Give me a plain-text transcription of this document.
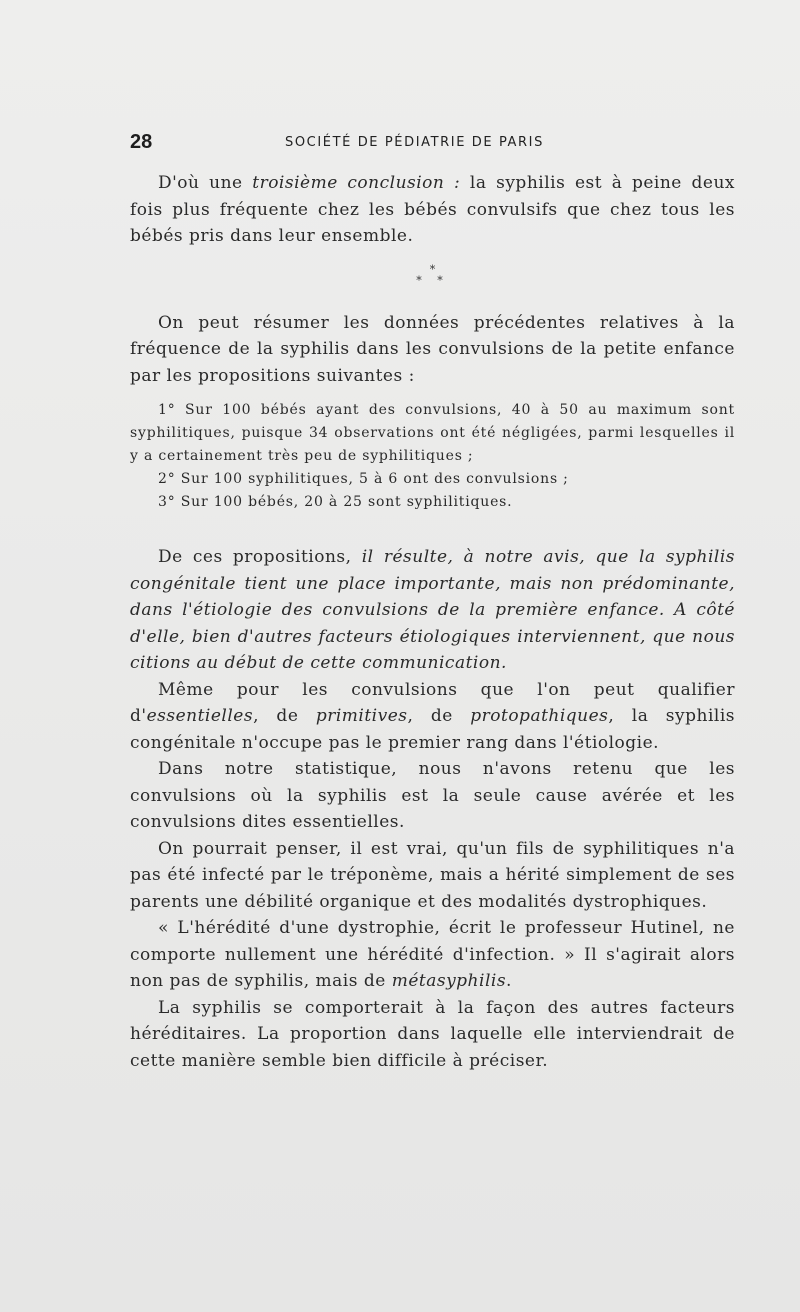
28	SOCIÉTÉ DE PÉDIATRIE DE PARIS

D'où une troisième conclusion : la syphilis est à peine deux fois plus fréquente chez les bébés convulsifs que chez tous les bébés pris dans leur ensemble.

*
* *

On peut résumer les données précédentes relatives à la fréquence de la syphilis dans les convulsions de la petite enfance par les propositions suivantes :

1° Sur 100 bébés ayant des convulsions, 40 à 50 au maximum sont syphilitiques, puisque 34 observations ont été négligées, parmi lesquelles il y a certainement très peu de syphilitiques ;

2° Sur 100 syphilitiques, 5 à 6 ont des convulsions ;

3° Sur 100 bébés, 20 à 25 sont syphilitiques.

De ces propositions, il résulte, à notre avis, que la syphilis congénitale tient une place importante, mais non prédominante, dans l'étiologie des convulsions de la première enfance. A côté d'elle, bien d'autres facteurs étiologiques interviennent, que nous citions au début de cette communication.

Même pour les convulsions que l'on peut qualifier d'essentielles, de primitives, de protopathiques, la syphilis congénitale n'occupe pas le premier rang dans l'étiologie.

Dans notre statistique, nous n'avons retenu que les convulsions où la syphilis est la seule cause avérée et les convulsions dites essentielles.

On pourrait penser, il est vrai, qu'un fils de syphilitiques n'a pas été infecté par le tréponème, mais a hérité simplement de ses parents une débilité organique et des modalités dystrophiques.

« L'hérédité d'une dystrophie, écrit le professeur Hutinel, ne comporte nullement une hérédité d'infection. » Il s'agirait alors non pas de syphilis, mais de métasyphilis.

La syphilis se comporterait à la façon des autres facteurs héréditaires. La proportion dans laquelle elle interviendrait de cette manière semble bien difficile à préciser.
